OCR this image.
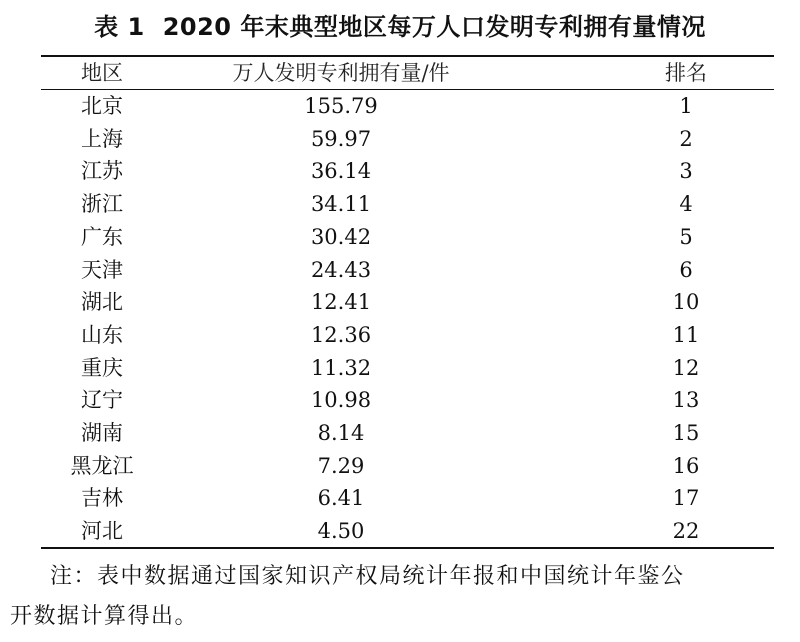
表 1 2020 年末典型地区每万人口发明专利拥有量情况
地区	万人发明专利拥有量/件	排名
北京	155.79	1
上海	59.97	2
江苏	36.14	3
浙江	34.11	4
广东	30.42	5
天津	24.43	6
湖北	12.41	10
山东	12.36	11
重庆	11.32	12
辽宁	10.98	13
湖南	8.14	15
黑龙江	7.29	16
吉林	6.41	17
河北	4.50	22
注：表中数据通过国家知识产权局统计年报和中国统计年鉴公
开数据计算得出。
